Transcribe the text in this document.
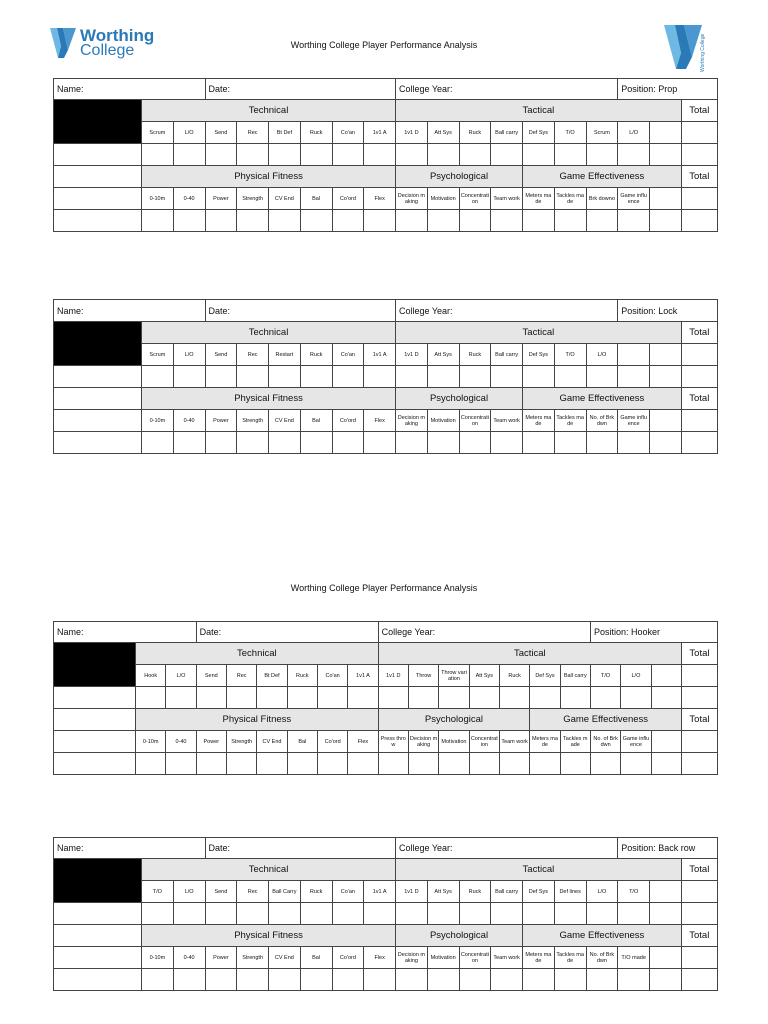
Worthing
College	Worthing College
Worthing College Player Performance Analysis
Worthing College Player Performance Analysis
Name:			Date:						College Year:							Position: Prop		
	Technical								Tactical									Total
	Scrum	L/O	Send	Rec	Bt Def	Ruck	Co'an	1v1 A	1v1 D	Att Sys	Ruck	Ball carry	Def Sys	T/O	Scrum	L/O		

	Physical Fitness								Psychological				Game Effectiveness					Total
	0-10m	0-40	Power	Strength	CV End	Bal	Co'ord	Flex	Decision making	Motivation	Concentration	Team work	Meters made	Tackles made	Brk downo	Game influence		

Name:			Date:						College Year:							Position: Lock		
	Technical								Tactical									Total
	Scrum	L/O	Send	Rec	Restart	Ruck	Co'an	1v1 A	1v1 D	Att Sys	Ruck	Ball carry	Def Sys	T/O	L/O			

	Physical Fitness								Psychological				Game Effectiveness					Total
	0-10m	0-40	Power	Strength	CV End	Bal	Co'ord	Flex	Decision making	Motivation	Concentration	Team work	Meters made	Tackles made	No. of Brk dwn	Game influence		

Name:			Date:						College Year:							Position: Hooker			
	Technical								Tactical										Total
	Hook	L/O	Send	Rec	Bt Def	Ruck	Co'an	1v1 A	1v1 D	Throw	Throw variation	Att Sys	Ruck	Def Sys	Ball carry	T/O	L/O		

	Physical Fitness								Psychological					Game Effectiveness					Total
	0-10m	0-40	Power	Strength	CV End	Bal	Co'ord	Flex	Press throw	Decision making	Motivation	Concentration	Team work	Meters made	Tackles made	No. of Brk dwn	Game influence		

Name:			Date:						College Year:							Position: Back row		
	Technical								Tactical									Total
	T/O	L/O	Send	Rec	Ball Carry	Ruck	Co'an	1v1 A	1v1 D	Att Sys	Ruck	Ball carry	Def Sys	Def lines	L/O	T/O		

	Physical Fitness								Psychological				Game Effectiveness					Total
	0-10m	0-40	Power	Strength	CV End	Bal	Co'ord	Flex	Decision making	Motivation	Concentration	Team work	Meters made	Tackles made	No. of Brk dwn	T/O made		
